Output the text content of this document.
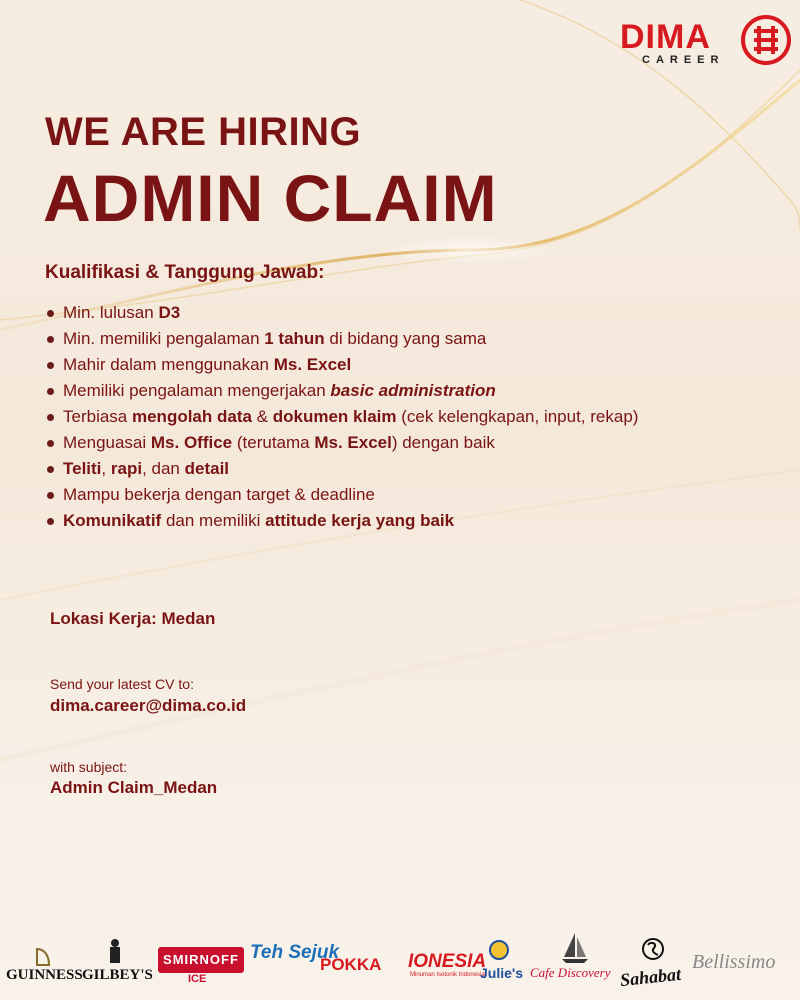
DIMA
CAREER
WE ARE HIRING
ADMIN CLAIM
Kualifikasi & Tanggung Jawab:
Min. lulusan D3
Min. memiliki pengalaman 1 tahun di bidang yang sama
Mahir dalam menggunakan Ms. Excel
Memiliki pengalaman mengerjakan basic administration
Terbiasa mengolah data & dokumen klaim (cek kelengkapan, input, rekap)
Menguasai Ms. Office (terutama Ms. Excel) dengan baik
Teliti, rapi, dan detail
Mampu bekerja dengan target & deadline
Komunikatif dan memiliki attitude kerja yang baik
Lokasi Kerja: Medan
Send your latest CV to:
dima.career@dima.co.id
with subject:
Admin Claim_Medan
GUINNESS GILBEY'S
SMIRNOFF
ICE
Teh Sejuk
POKKA IONESIA
Minuman Isotonik Indonesia
Julie's Cafe Discovery Sahabat
Bellissimo
